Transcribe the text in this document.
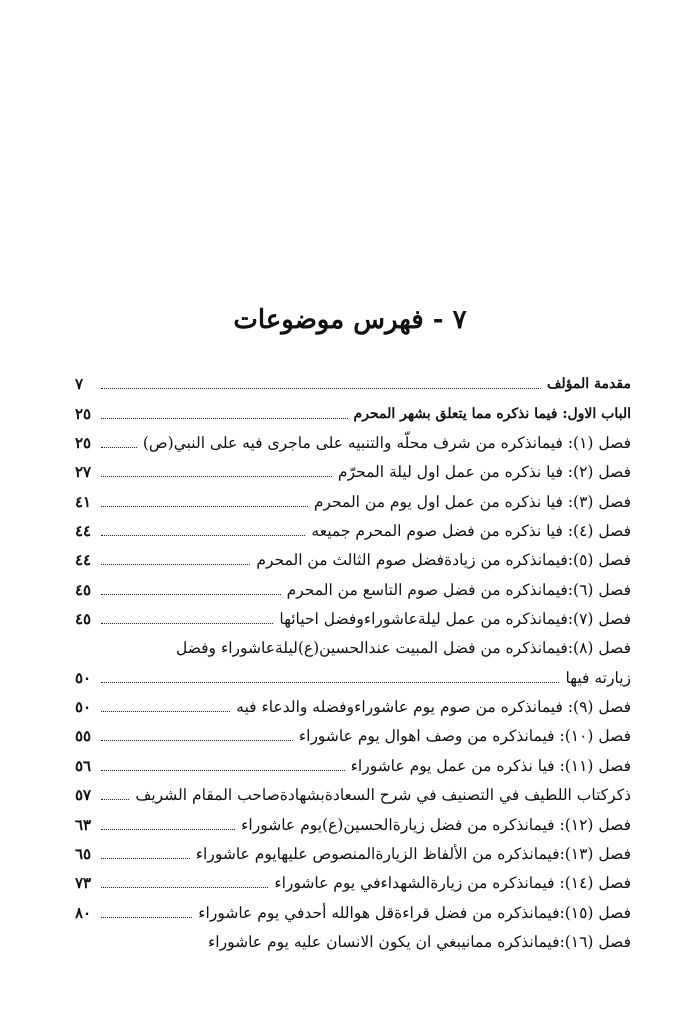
٧ - فهرس موضوعات
مقدمة المؤلف
٧
الباب الاول: فيما نذكره مما يتعلق بشهر المحرم
٢٥
فصل (١): فيمانذكره من شرف محلّه والتنبيه على ماجرى فيه على النبي(ص)
٢٥
فصل (٢): فيا نذكره من عمل اول ليلة المحرّم
٢٧
فصل (٣): فيا نذكره من عمل اول يوم من المحرم
٤١
فصل (٤): فيا نذكره من فضل صوم المحرم جميعه
٤٤
فصل (٥):فيمانذكره من زيادةفضل صوم الثالث من المحرم
٤٤
فصل (٦):فيمانذكره من فضل صوم التاسع من المحرم
٤٥
فصل (٧):فيمانذكره من عمل ليلةعاشوراءوفضل احيائها
٤٥
فصل (٨):فيمانذكره من فضل المبيت عندالحسين(ع)ليلةعاشوراء وفضل
زيارته فيها
٥٠
فصل (٩): فيمانذكره من صوم يوم عاشوراءوفضله والدعاء فيه
٥٠
فصل (١٠): فيمانذكره من وصف اهوال يوم عاشوراء
٥٥
فصل (١١): فيا نذكره من عمل يوم عاشوراء
٥٦
ذكركتاب اللطيف في التصنيف في شرح السعادةبشهادةصاحب المقام الشريف
٥٧
فصل (١٢): فيمانذكره من فضل زيارةالحسين(ع)يوم عاشوراء
٦٣
فصل (١٣):فيمانذكره من الألفاظ الزيارةالمنصوص عليهايوم عاشوراء
٦٥
فصل (١٤): فيمانذكره من زيارةالشهداءفي يوم عاشوراء
٧٣
فصل (١٥):فيمانذكره من فضل قراءةقل هوالله أحدفي يوم عاشوراء
٨٠
فصل (١٦):فيمانذكره ممانيبغي ان يكون الانسان عليه يوم عاشوراء
